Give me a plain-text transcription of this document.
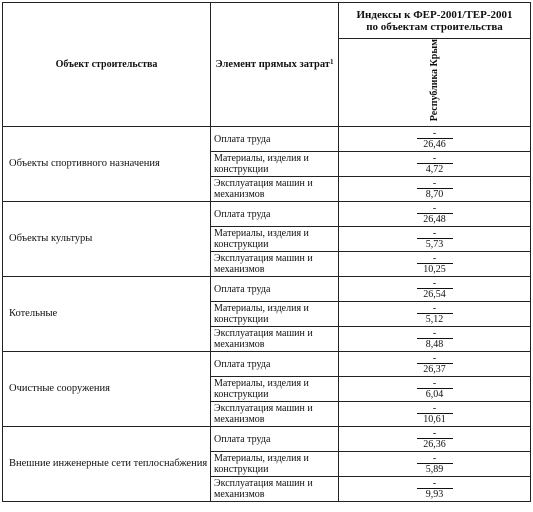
Объект строительства	Элемент прямых затрат$^1$	Индексы к ФЕР-2001/ТЕР-2001 по объектам строительства

		Республика Крым
Объекты спортивного назначения	Оплата труда	-
26,46

	Материалы, изделия и конструкции	-
4,72

	Эксплуатация машин и механизмов	-
8,70

Объекты культуры	Оплата труда	-
26,48

	Материалы, изделия и конструкции	-
5,73

	Эксплуатация машин и механизмов	-
10,25

Котельные	Оплата труда	-
26,54

	Материалы, изделия и конструкции	-
5,12

	Эксплуатация машин и механизмов	-
8,48

Очистные сооружения	Оплата труда	-
26,37

	Материалы, изделия и конструкции	-
6,04

	Эксплуатация машин и механизмов	-
10,61

Внешние инженерные сети теплоснабжения	Оплата труда	-
26,36

	Материалы, изделия и конструкции	-
5,89

	Эксплуатация машин и механизмов	-
9,93
